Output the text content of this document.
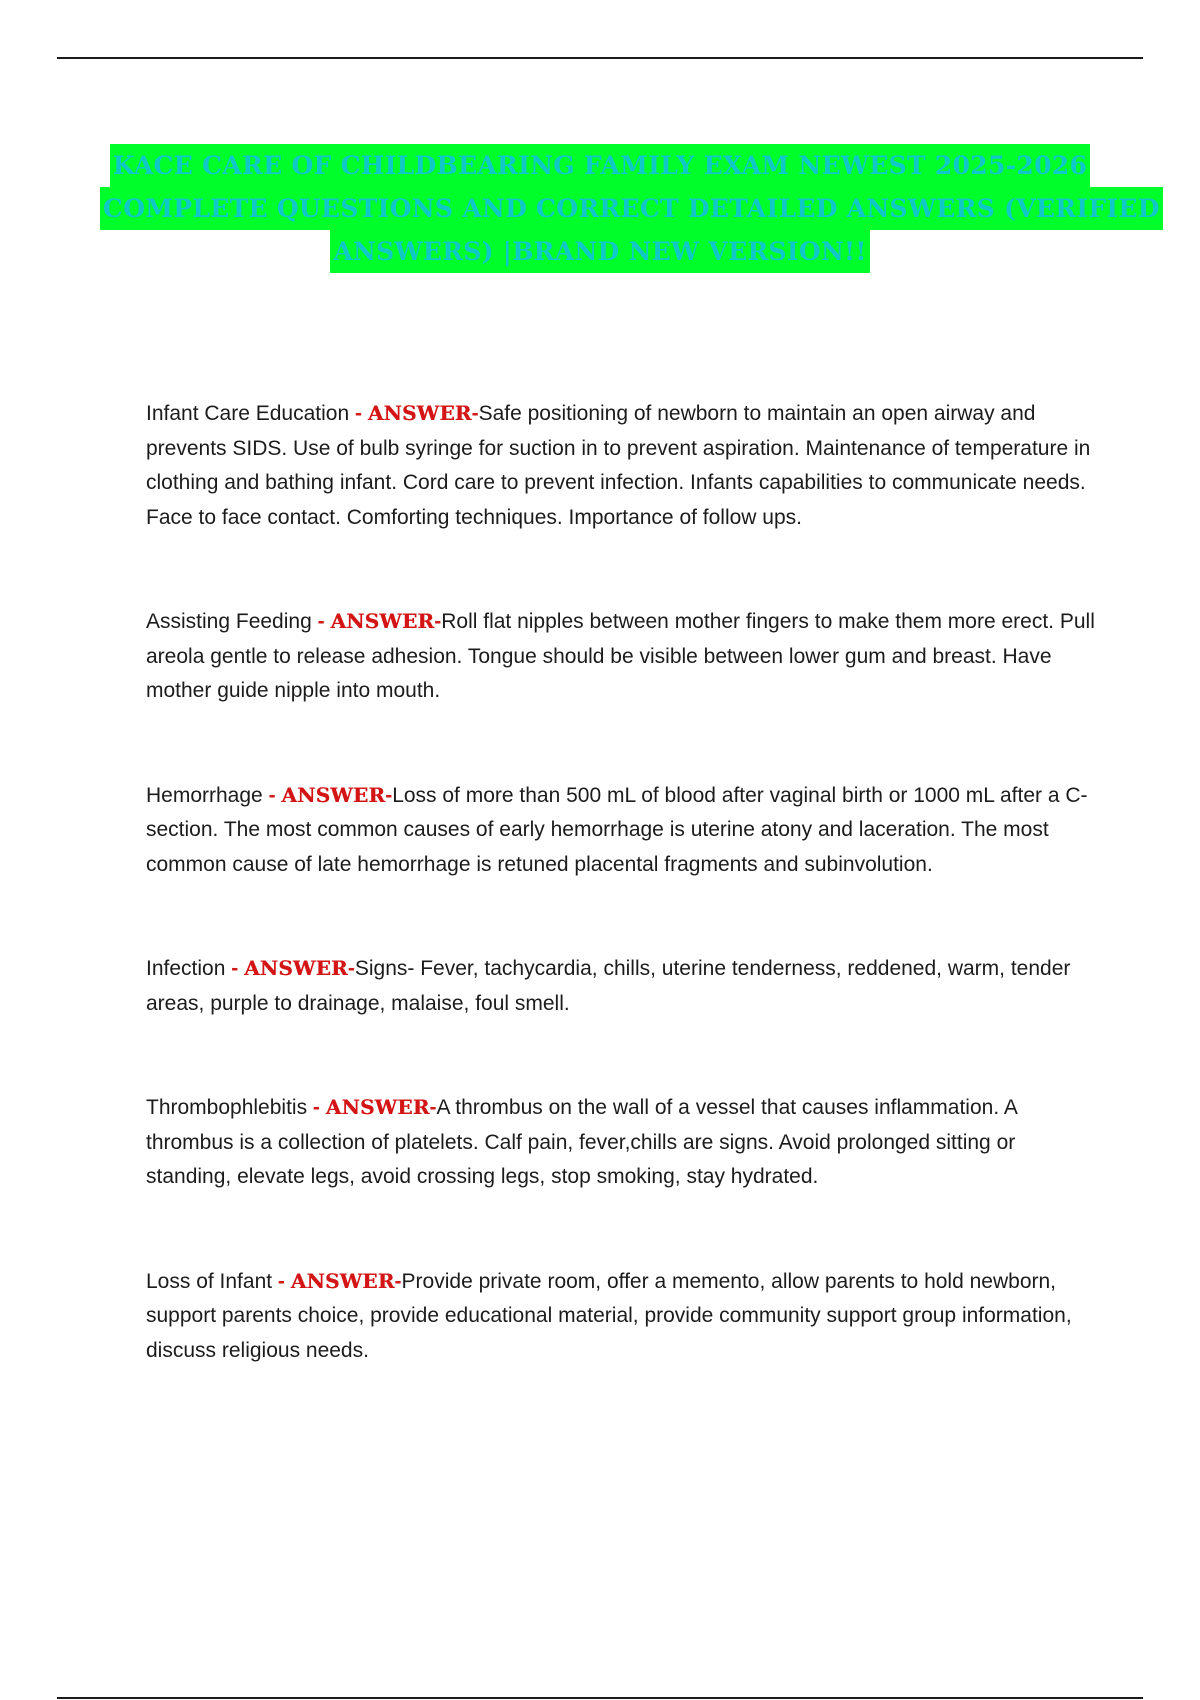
KACE CARE OF CHILDBEARING FAMILY EXAM NEWEST 2025-2026
COMPLETE QUESTIONS AND CORRECT DETAILED ANSWERS (VERIFIED
ANSWERS) |BRAND NEW VERSION!!

Infant Care Education - ANSWER-Safe positioning of newborn to maintain an open airway and prevents SIDS. Use of bulb syringe for suction in to prevent aspiration. Maintenance of temperature in clothing and bathing infant. Cord care to prevent infection. Infants capabilities to communicate needs. Face to face contact. Comforting techniques. Importance of follow ups.

Assisting Feeding - ANSWER-Roll flat nipples between mother fingers to make them more erect. Pull areola gentle to release adhesion. Tongue should be visible between lower gum and breast. Have mother guide nipple into mouth.

Hemorrhage - ANSWER-Loss of more than 500 mL of blood after vaginal birth or 1000 mL after a C-section. The most common causes of early hemorrhage is uterine atony and laceration. The most common cause of late hemorrhage is retuned placental fragments and subinvolution.

Infection - ANSWER-Signs- Fever, tachycardia, chills, uterine tenderness, reddened, warm, tender areas, purple to drainage, malaise, foul smell.

Thrombophlebitis - ANSWER-A thrombus on the wall of a vessel that causes inflammation. A thrombus is a collection of platelets. Calf pain, fever,chills are signs. Avoid prolonged sitting or standing, elevate legs, avoid crossing legs, stop smoking, stay hydrated.

Loss of Infant - ANSWER-Provide private room, offer a memento, allow parents to hold newborn, support parents choice, provide educational material, provide community support group information, discuss religious needs.
